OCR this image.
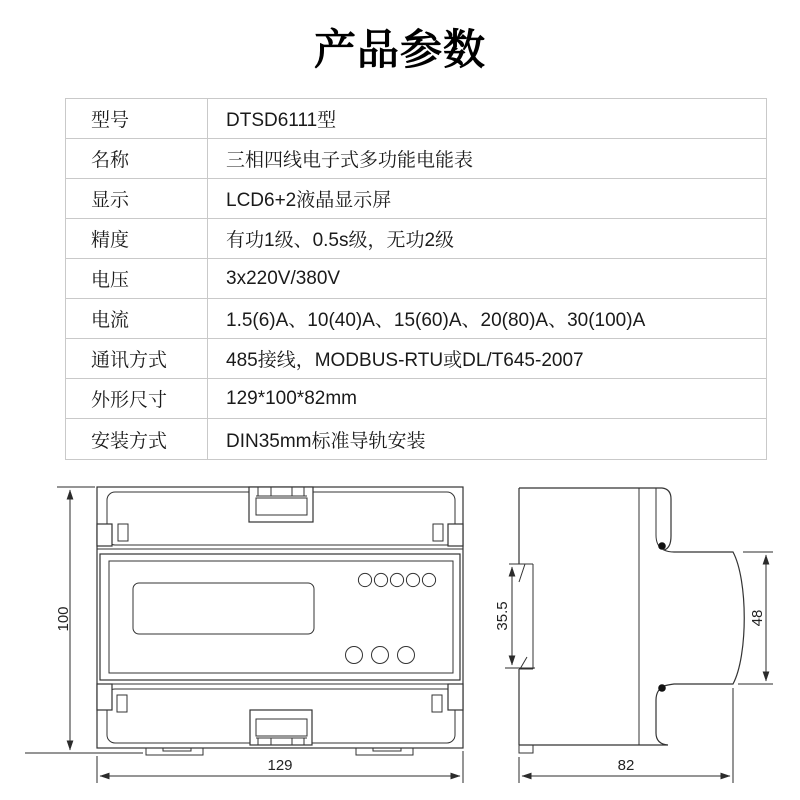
产品参数
型号	DTSD6111型
名称	三相四线电子式多功能电能表
显示	LCD6+2液晶显示屏
精度	有功1级、0.5s级，无功2级
电压	3x220V/380V
电流	1.5(6)A、10(40)A、15(60)A、20(80)A、30(100)A
通讯方式	485接线，MODBUS-RTU或DL/T645-2007
外形尺寸	129*100*82mm
安装方式	DIN35mm标准导轨安装
100
129
35.5	48
82
